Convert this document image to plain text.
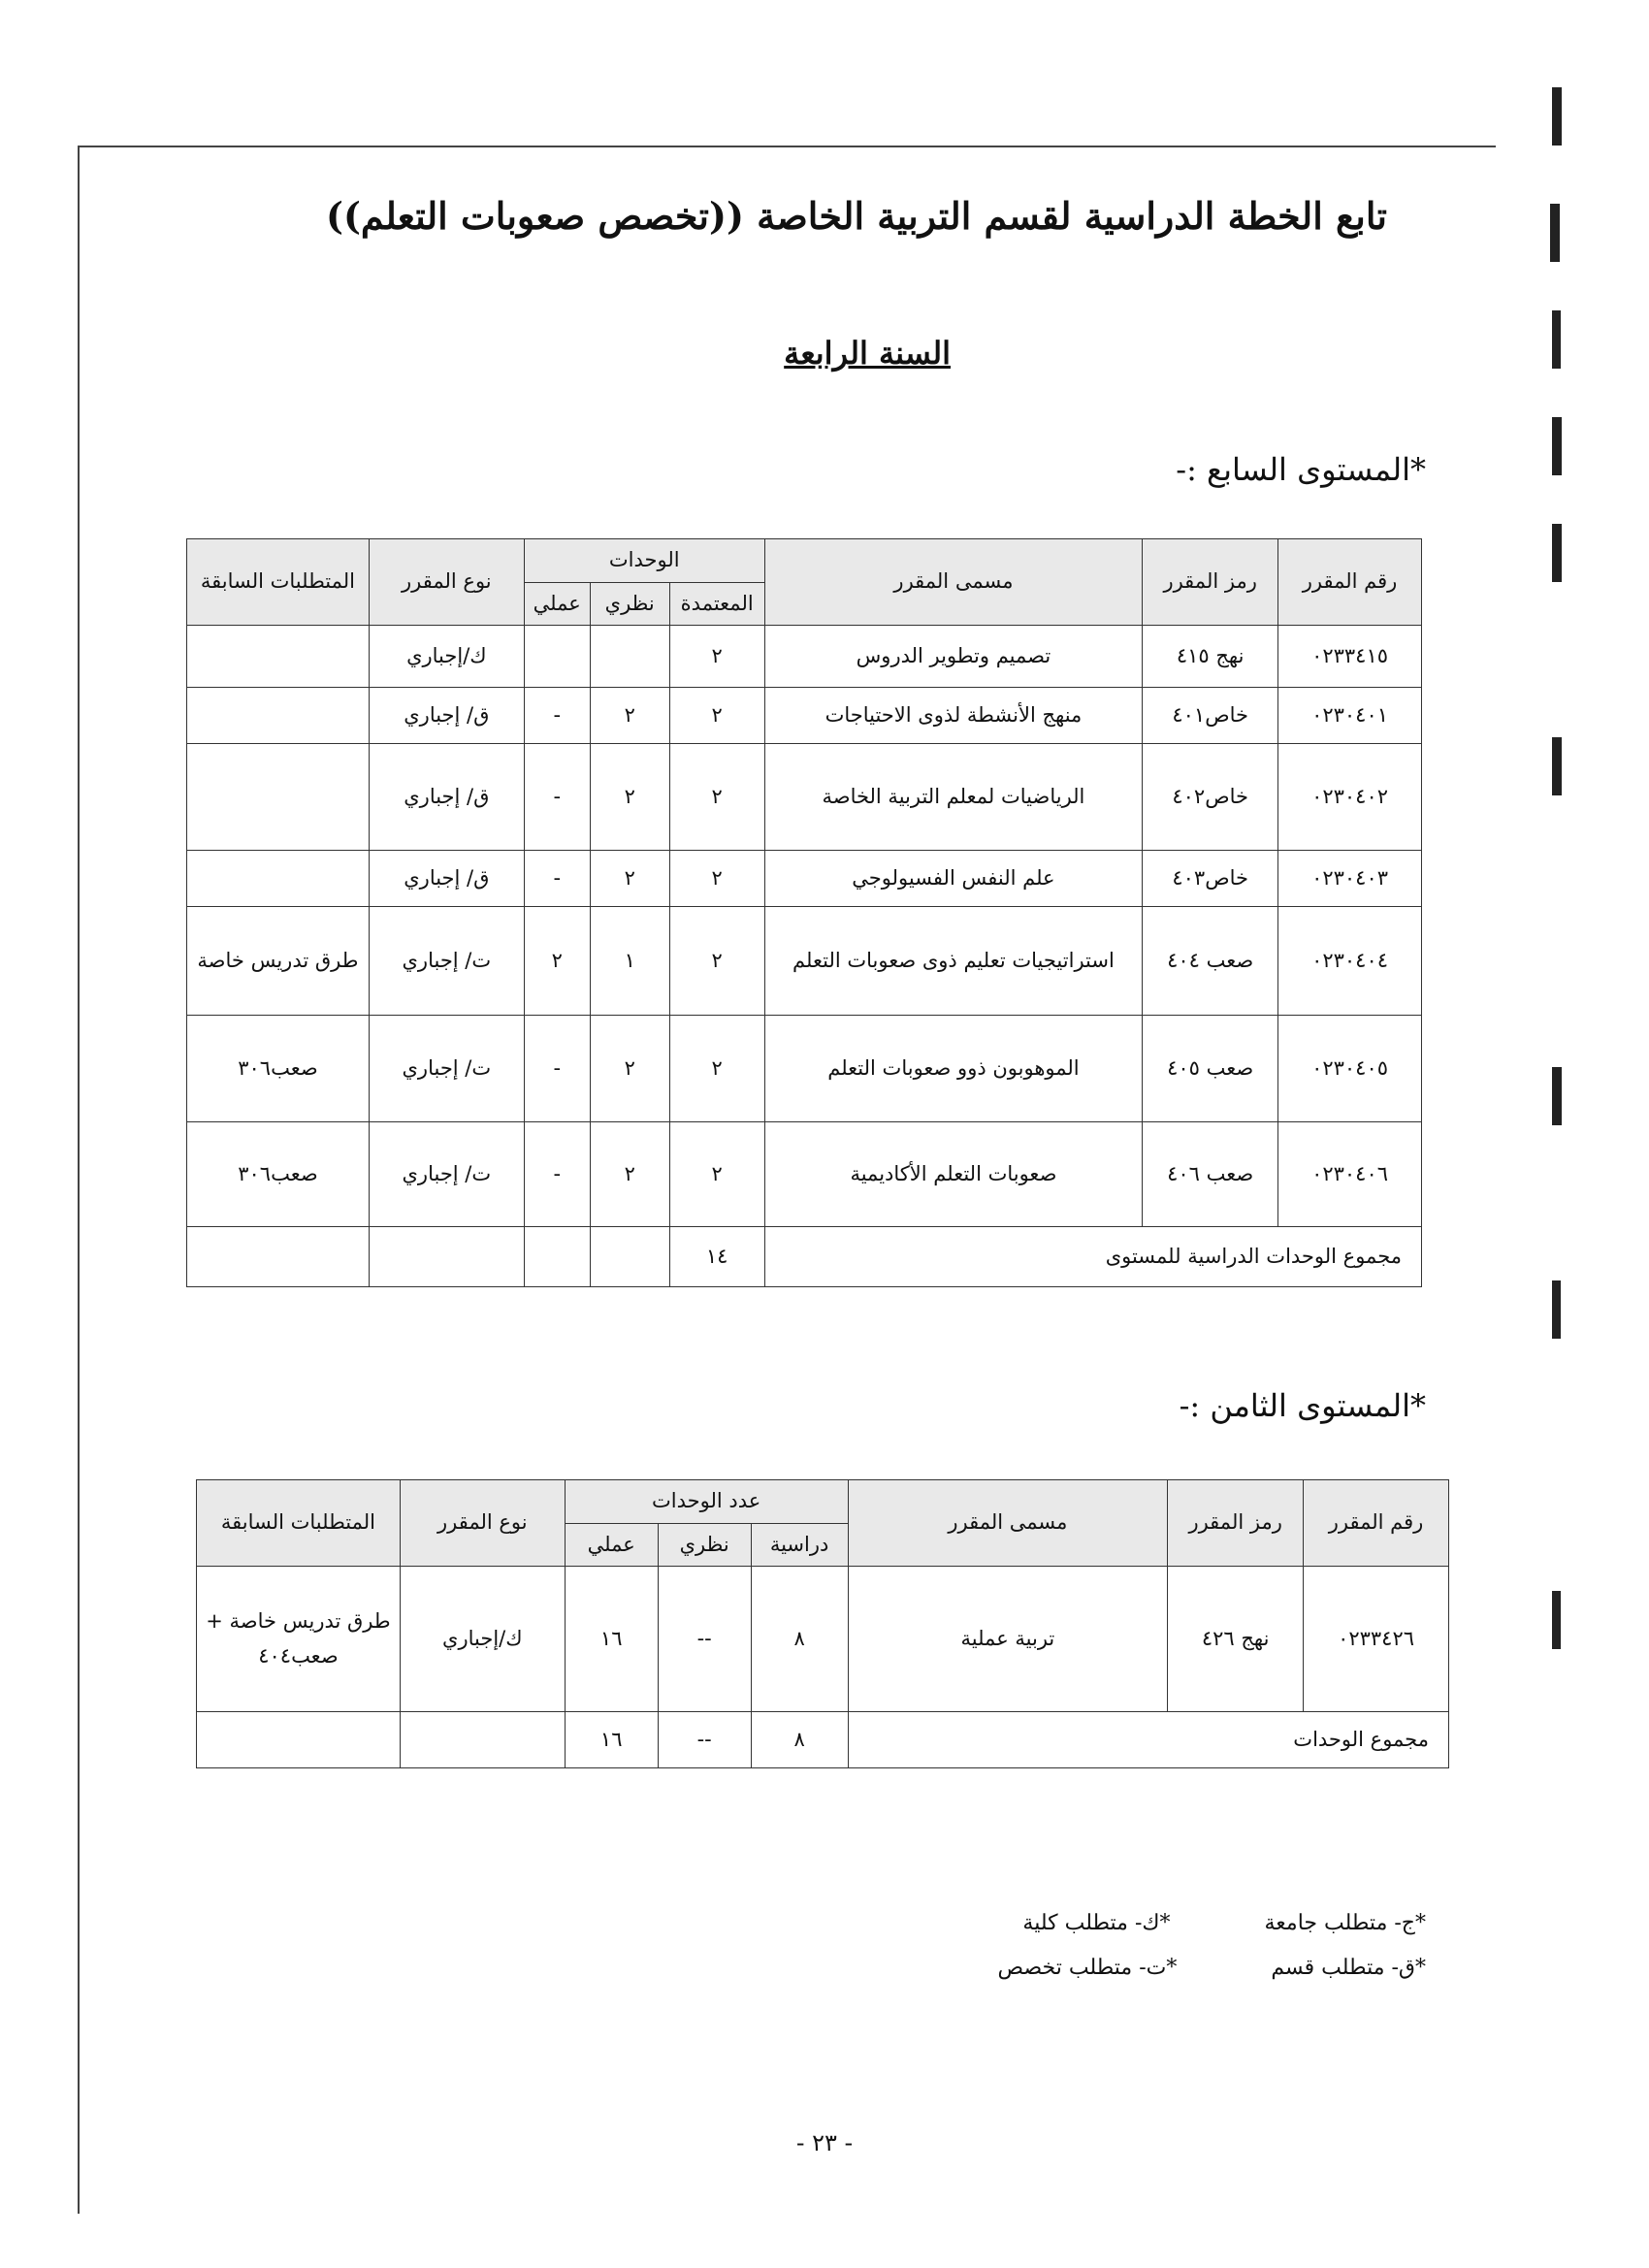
تابع الخطة الدراسية لقسم التربية الخاصة ((تخصص صعوبات التعلم))
السنة الرابعة
*المستوى السابع :-
رقم المقرر	رمز المقرر	مسمى المقرر	الوحدات			نوع المقرر	المتطلبات السابقة
			المعتمدة	نظري	عملي		
٠٢٣٣٤١٥	نهج ٤١٥	تصميم وتطوير الدروس	٢			ك/إجباري	
٠٢٣٠٤٠١	خاص٤٠١	منهج الأنشطة لذوى الاحتياجات	٢	٢	-	ق/ إجباري	
٠٢٣٠٤٠٢	خاص٤٠٢	الرياضيات لمعلم التربية الخاصة	٢	٢	-	ق/ إجباري	
٠٢٣٠٤٠٣	خاص٤٠٣	علم النفس الفسيولوجي	٢	٢	-	ق/ إجباري	
٠٢٣٠٤٠٤	صعب ٤٠٤	استراتيجيات تعليم ذوى صعوبات التعلم	٢	١	٢	ت/ إجباري	طرق تدريس خاصة
٠٢٣٠٤٠٥	صعب ٤٠٥	الموهوبون ذوو صعوبات التعلم	٢	٢	-	ت/ إجباري	صعب٣٠٦
٠٢٣٠٤٠٦	صعب ٤٠٦	صعوبات التعلم الأكاديمية	٢	٢	-	ت/ إجباري	صعب٣٠٦
مجموع الوحدات الدراسية للمستوى			١٤				
*المستوى الثامن :-
رقم المقرر	رمز المقرر	مسمى المقرر	عدد الوحدات			نوع المقرر	المتطلبات السابقة
			دراسية	نظري	عملي		
٠٢٣٣٤٢٦	نهج ٤٢٦	تربية عملية	٨	--	١٦	ك/إجباري	طرق تدريس خاصة + صعب٤٠٤
مجموع الوحدات			٨	--	١٦		
*ج- متطلب جامعة *ك- متطلب كلية
*ق- متطلب قسم *ت- متطلب تخصص
- ٢٣ -
